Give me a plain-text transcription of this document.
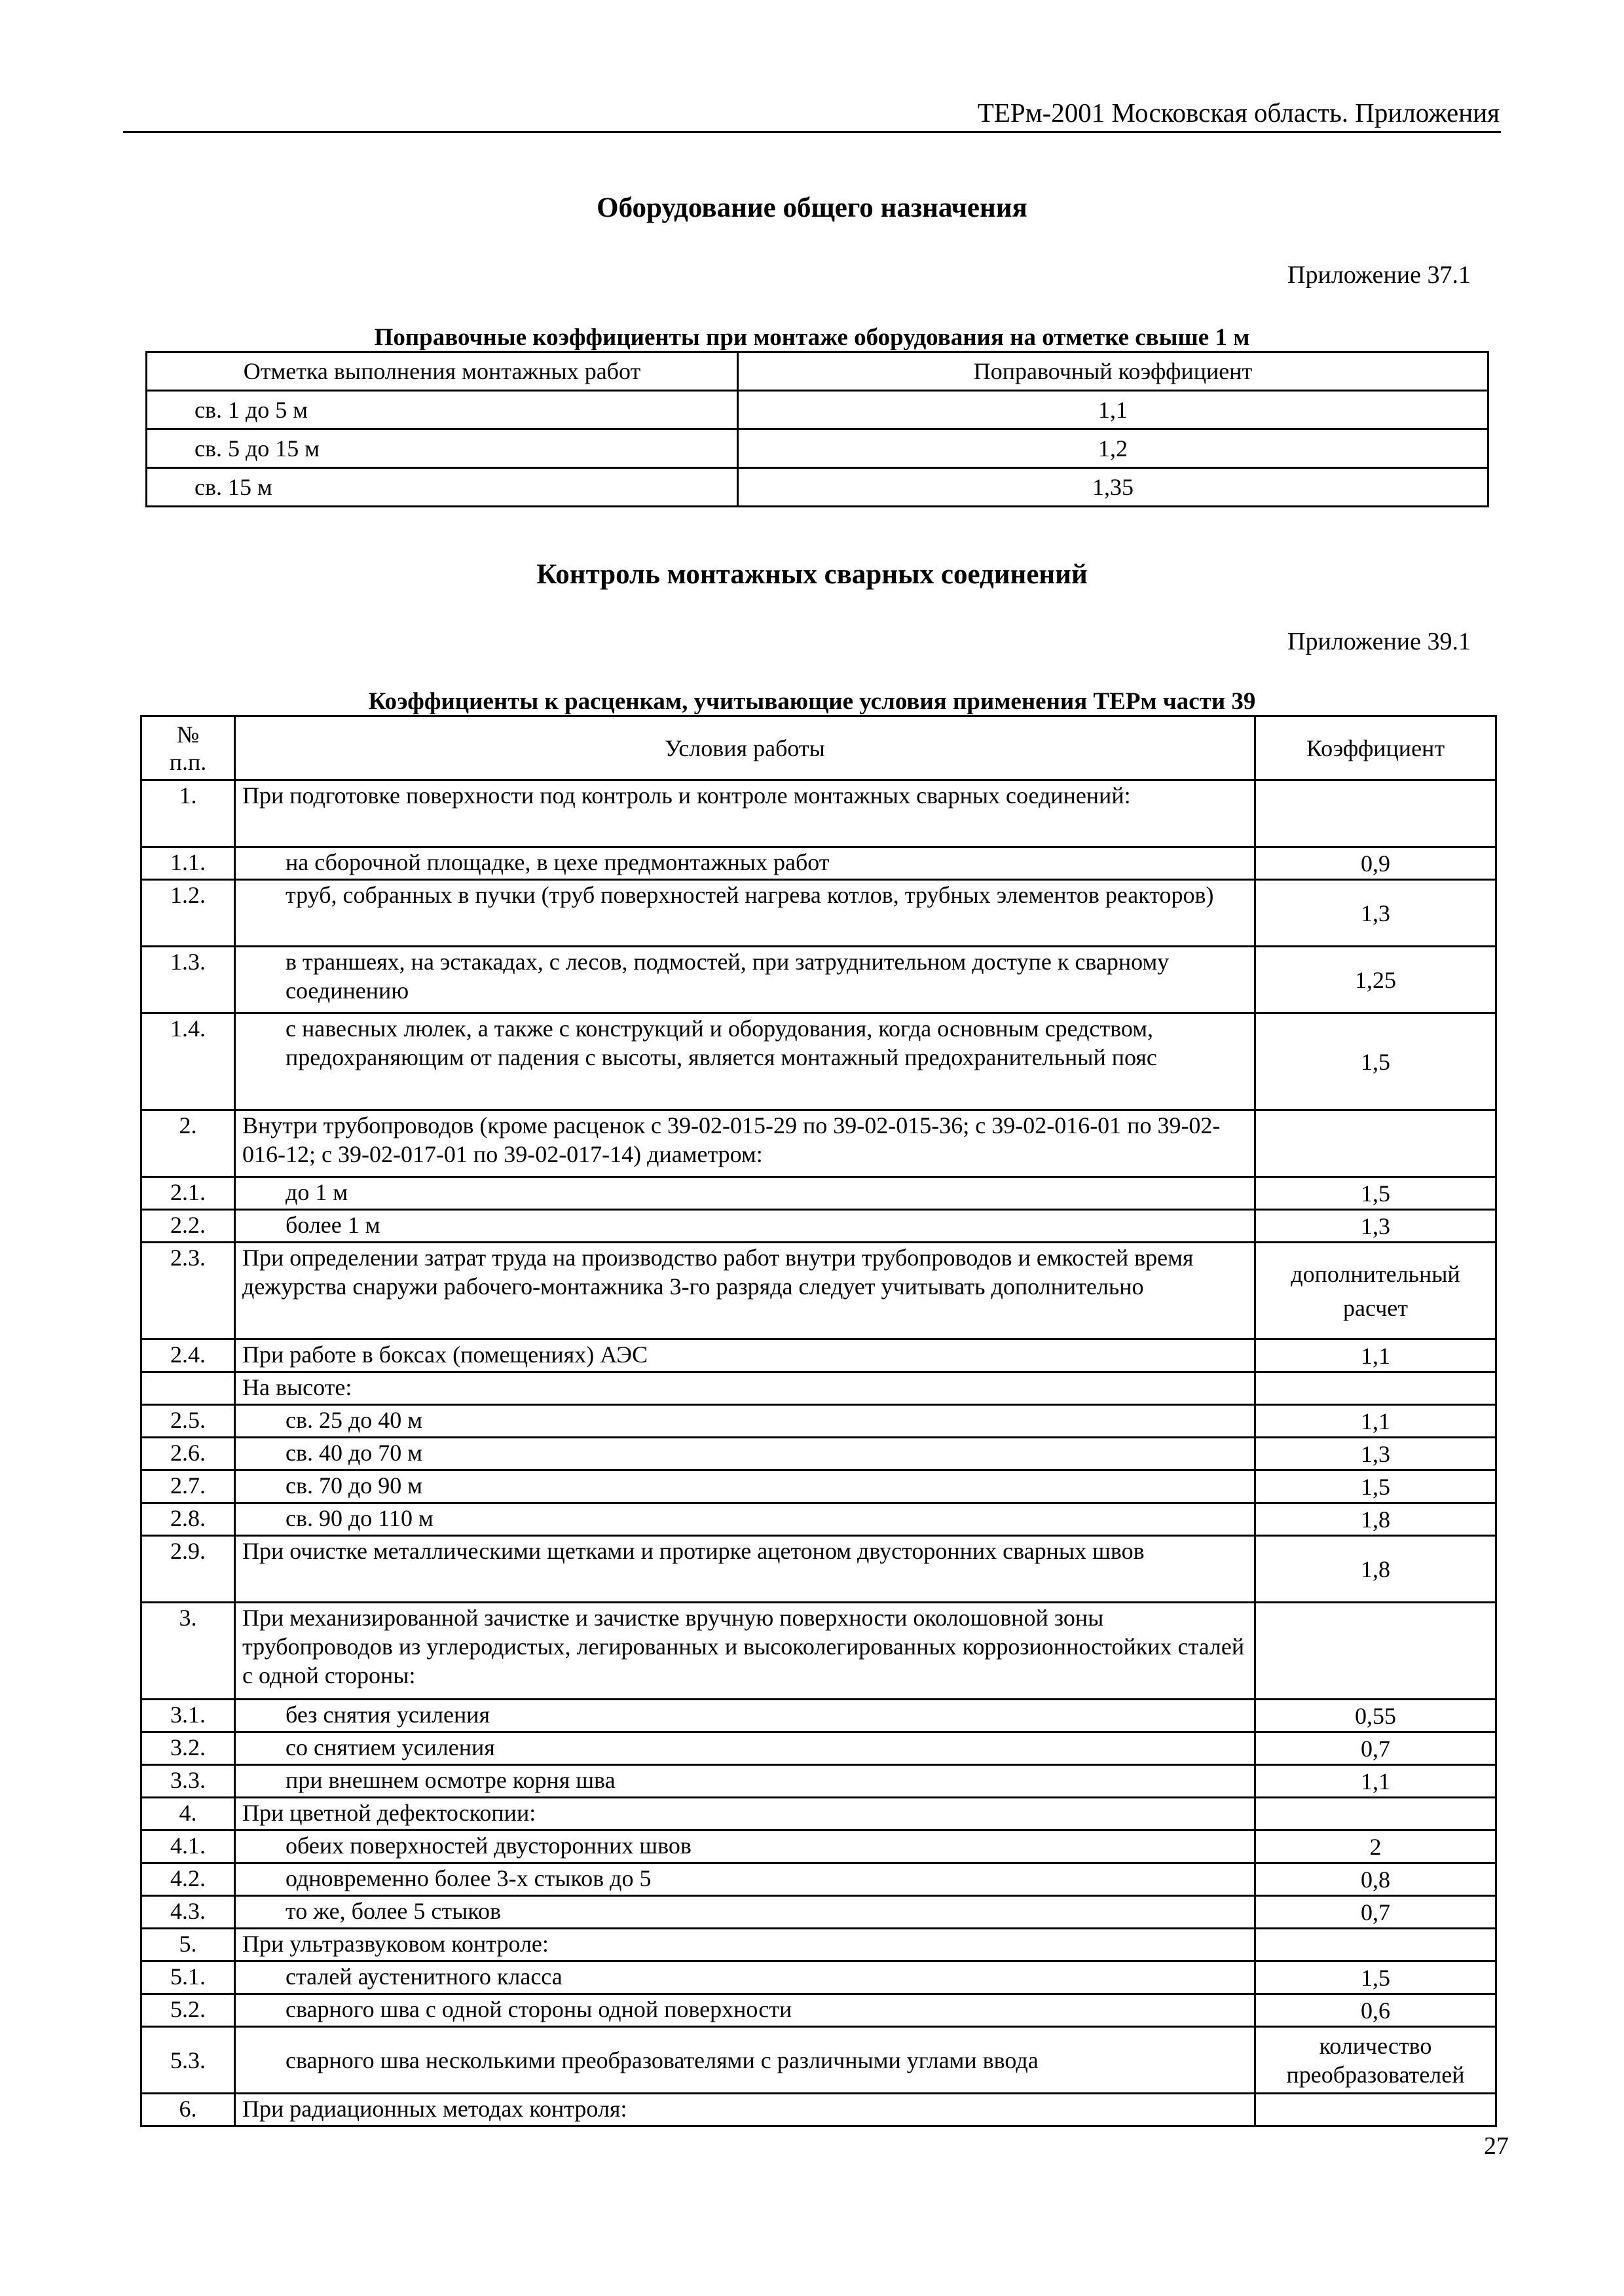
ТЕРм-2001 Московская область. Приложения
Оборудование общего назначения
Приложение 37.1
Поправочные коэффициенты при монтаже оборудования на отметке свыше 1 м
Отметка выполнения монтажных работ	Поправочный коэффициент
св. 1 до 5 м	1,1
св. 5 до 15 м	1,2
св. 15 м	1,35
Контроль монтажных сварных соединений
Приложение 39.1
Коэффициенты к расценкам, учитывающие условия применения ТЕРм части 39
№
п.п.	Условия работы	Коэффициент
1.	При подготовке поверхности под контроль и контроле монтажных сварных соединений:	
1.1.	на сборочной площадке, в цехе предмонтажных работ	0,9
1.2.	труб, собранных в пучки (труб поверхностей нагрева котлов, трубных элементов реакторов)	1,3
1.3.	в траншеях, на эстакадах, с лесов, подмостей, при затруднительном доступе к сварному соединению	1,25
1.4.	с навесных люлек, а также с конструкций и оборудования, когда основным средством, предохраняющим от падения с высоты, является монтажный предохранительный пояс	1,5
2.	Внутри трубопроводов (кроме расценок с 39-02-015-29 по 39-02-015-36; с 39-02-016-01 по 39-02-016-12; с 39-02-017-01 по 39-02-017-14) диаметром:	
2.1.	до 1 м	1,5
2.2.	более 1 м	1,3
2.3.	При определении затрат труда на производство работ внутри трубопроводов и емкостей время дежурства снаружи рабочего-монтажника 3-го разряда следует учитывать дополнительно	дополнительный расчет
2.4.	При работе в боксах (помещениях) АЭС	1,1
	На высоте:	
2.5.	св. 25 до 40 м	1,1
2.6.	св. 40 до 70 м	1,3
2.7.	св. 70 до 90 м	1,5
2.8.	св. 90 до 110 м	1,8
2.9.	При очистке металлическими щетками и протирке ацетоном двусторонних сварных швов	1,8
3.	При механизированной зачистке и зачистке вручную поверхности околошовной зоны трубопроводов из углеродистых, легированных и высоколегированных коррозионностойких сталей с одной стороны:	
3.1.	без снятия усиления	0,55
3.2.	со снятием усиления	0,7
3.3.	при внешнем осмотре корня шва	1,1
4.	При цветной дефектоскопии:	
4.1.	обеих поверхностей двусторонних швов	2
4.2.	одновременно более 3-х стыков до 5	0,8
4.3.	то же, более 5 стыков	0,7
5.	При ультразвуковом контроле:	
5.1.	сталей аустенитного класса	1,5
5.2.	сварного шва с одной стороны одной поверхности	0,6
5.3.	сварного шва несколькими преобразователями с различными углами ввода	количество преобразователей
6.	При радиационных методах контроля:	
27
